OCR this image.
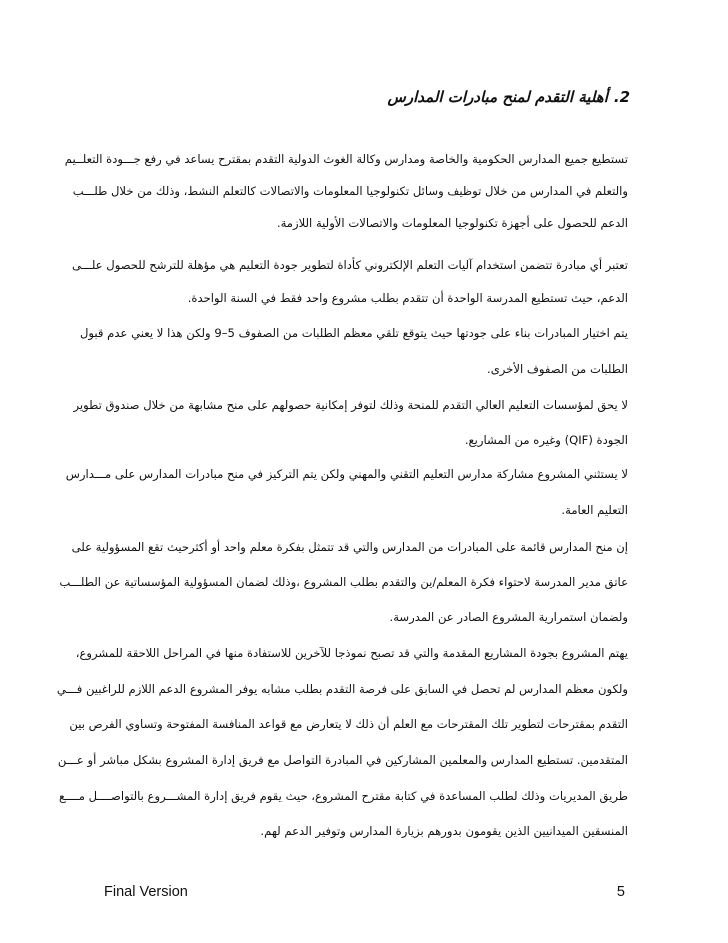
2.
أهلية التقدم لمنح مبادرات المدارس
تستطيع جميع المدارس الحكومية والخاصة ومدارس وكالة الغوث الدولية التقدم بمقترح يساعد في رفع جـــودة التعلــيم
والتعلم في المدارس من خلال توظيف وسائل تكنولوجيا المعلومات والاتصالات كالتعلم النشط، وذلك من خلال طلـــب
الدعم للحصول على أجهزة تكنولوجيا المعلومات والاتصالات الأولية اللازمة.
تعتبر أي مبادرة تتضمن استخدام آليات التعلم الإلكتروني كأداة لتطوير جودة التعليم هي مؤهلة للترشح للحصول علـــى
الدعم، حيث تستطيع المدرسة الواحدة أن تتقدم بطلب مشروع واحد فقط في السنة الواحدة.
يتم اختيار المبادرات بناء على جودتها حيث يتوقع تلقي معظم الطلبات من الصفوف 5–9 ولكن هذا لا يعني عدم قبول
الطلبات من الصفوف الأخرى.
لا يحق لمؤسسات التعليم العالي التقدم للمنحة وذلك لتوفر إمكانية حصولهم على منح مشابهة من خلال صندوق تطوير
الجودة (QIF) وغيره من المشاريع.
لا يستثني المشروع مشاركة مدارس التعليم التقني والمهني ولكن يتم التركيز في منح مبادرات المدارس على مـــدارس
التعليم العامة.
إن منح المدارس قائمة على المبادرات من المدارس والتي قد تتمثل بفكرة معلم واحد أو أكثرحيث تقع المسؤولية على
عاتق مدير المدرسة لاحتواء فكرة المعلم/ين والتقدم بطلب المشروع ،وذلك لضمان المسؤولية المؤسساتية عن الطلـــب
ولضمان استمرارية المشروع الصادر عن المدرسة.
يهتم المشروع بجودة المشاريع المقدمة والتي قد تصبح نموذجا للآخرين للاستفادة منها في المراحل اللاحقة للمشروع،
ولكون معظم المدارس لم تحصل في السابق على فرصة التقدم بطلب مشابه يوفر المشروع الدعم اللازم للراغبين فـــي
التقدم بمقترحات لتطوير تلك المقترحات مع العلم أن ذلك لا يتعارض مع قواعد المنافسة المفتوحة وتساوي الفرص بين
المتقدمين. تستطيع المدارس والمعلمين المشاركين في المبادرة التواصل مع فريق إدارة المشروع بشكل مباشر أو عـــن
طريق المديريات وذلك لطلب المساعدة في كتابة مقترح المشروع، حيث يقوم فريق إدارة المشـــروع بالتواصــــل مــــع
المنسقين الميدانيين الذين يقومون بدورهم بزيارة المدارس وتوفير الدعم لهم.
Final Version	5
